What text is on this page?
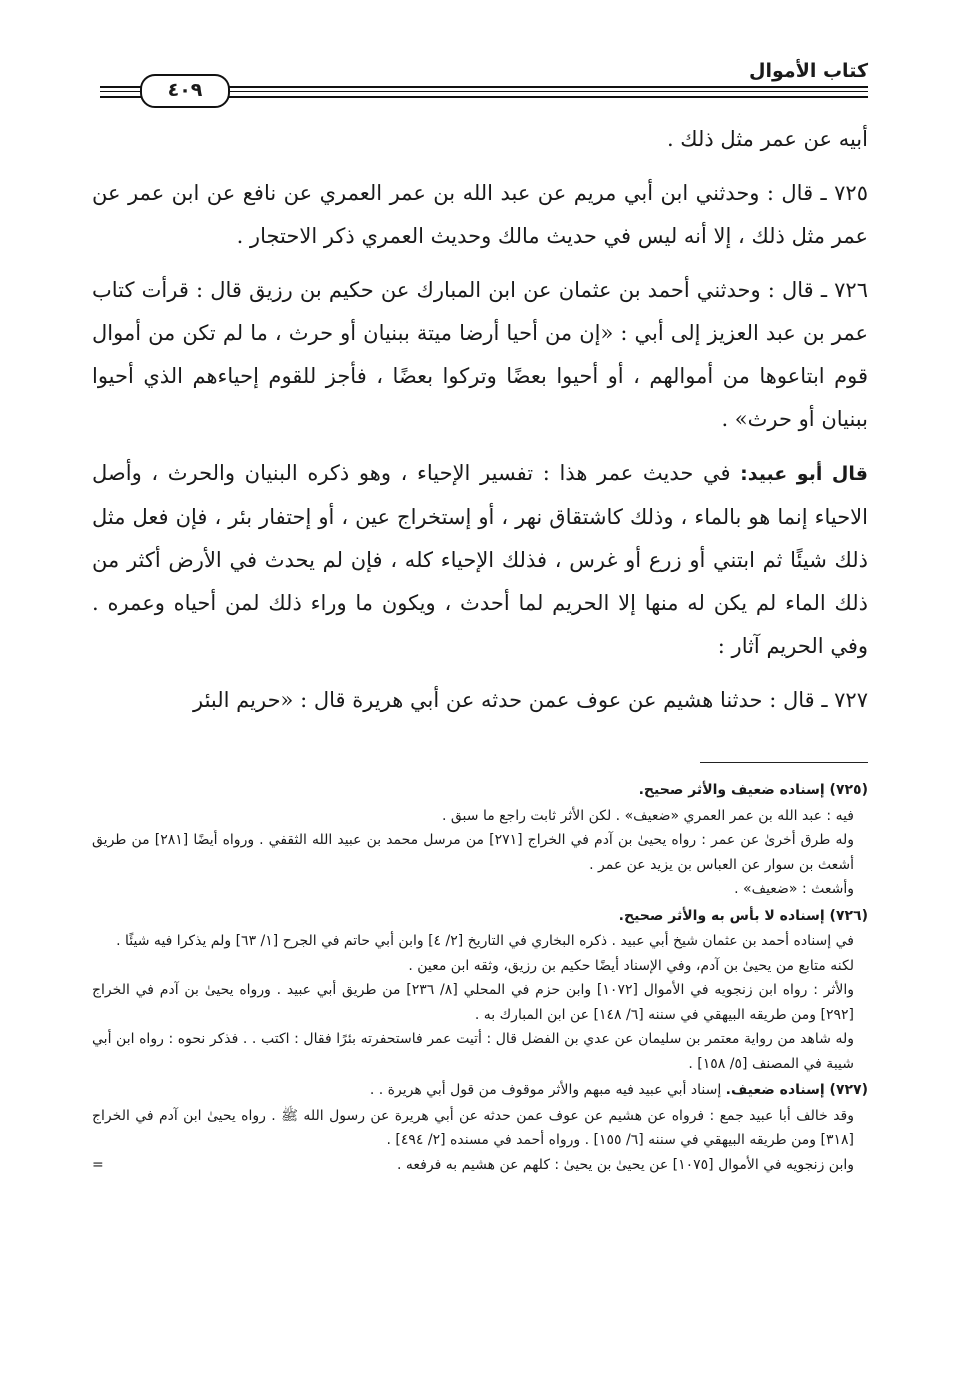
٤٠٩
كتاب الأموال

أبيه عن عمر مثل ذلك .

٧٢٥ ـ قال : وحدثني ابن أبي مريم عن عبد الله بن عمر العمري عن نافع عن ابن عمر عن عمر مثل ذلك ، إلا أنه ليس في حديث مالك وحديث العمري ذكر الاحتجار .

٧٢٦ ـ قال : وحدثني أحمد بن عثمان عن ابن المبارك عن حكيم بن رزيق قال : قرأت كتاب عمر بن عبد العزيز إلى أبي : «إن من أحيا أرضا ميتة ببنيان أو حرث ، ما لم تكن من أموال قوم ابتاعوها من أموالهم ، أو أحيوا بعضًا وتركوا بعضًا ، فأجز للقوم إحياءهم الذي أحيوا ببنيان أو حرث» .

قال أبو عبيد: في حديث عمر هذا : تفسير الإحياء ، وهو ذكره البنيان والحرث ، وأصل الاحياء إنما هو بالماء ، وذلك كاشتقاق نهر ، أو إستخراج عين ، أو إحتفار بئر ، فإن فعل مثل ذلك شيئًا ثم ابتني أو زرع أو غرس ، فذلك الإحياء كله ، فإن لم يحدث في الأرض أكثر من ذلك الماء لم يكن له منها إلا الحريم لما أحدث ، ويكون ما وراء ذلك لمن أحياه وعمره . وفي الحريم آثار :

٧٢٧ ـ قال : حدثنا هشيم عن عوف عمن حدثه عن أبي هريرة قال : «حريم البئر

(٧٢٥) إسناده ضعيف والأثر صحيح.

فيه : عبد الله بن عمر العمري «ضعيف» . لكن الأثر ثابت راجع ما سبق .

وله طرق أخرىٰ عن عمر : رواه يحيىٰ بن آدم في الخراج [٢٧١] من مرسل محمد بن عبيد الله الثقفي . ورواه أيضًا [٢٨١] من طريق أشعث بن سوار عن العباس بن يزيد عن عمر .

وأشعث : «ضعيف» .

(٧٢٦) إسناده لا بأس به والأثر صحيح.

في إسناده أحمد بن عثمان شيخ أبي عبيد . ذكره البخاري في التاريخ [٢/ ٤] وابن أبي حاتم في الجرح [١/ ٦٣] ولم يذكرا فيه شيئًا .

لكنه متابع من يحيىٰ بن آدم، وفي الإسناد أيضًا حكيم بن رزيق، وثقه ابن معين .

والأثر : رواه ابن زنجويه في الأموال [١٠٧٢] وابن حزم في المحلي [٨/ ٢٣٦] من طريق أبي عبيد . ورواه يحيىٰ بن آدم في الخراج [٢٩٢] ومن طريقه البيهقي في سننه [٦/ ١٤٨] عن ابن المبارك به .

وله شاهد من رواية معتمر بن سليمان عن عدي بن الفضل قال : أتيت عمر فاستحفرته بئرًا فقال : اكتب . . فذكر نحوه : رواه ابن أبي شيبة في المصنف [٥/ ١٥٨] .

(٧٢٧) إسناده ضعيف. إسناد أبي عبيد فيه مبهم والأثر موقوف من قول أبي هريرة . .

وقد خالف أبا عبيد جمع : فرواه عن هشيم عن عوف عمن حدثه عن أبي هريرة عن رسول الله ﷺ . رواه يحيىٰ ابن آدم في الخراج [٣١٨] ومن طريقه البيهقي في سننه [٦/ ١٥٥] . ورواه أحمد في مسنده [٢/ ٤٩٤] .

وابن زنجويه في الأموال [١٠٧٥] عن يحيىٰ بن يحيىٰ : كلهم عن هشيم به فرفعه .

=
